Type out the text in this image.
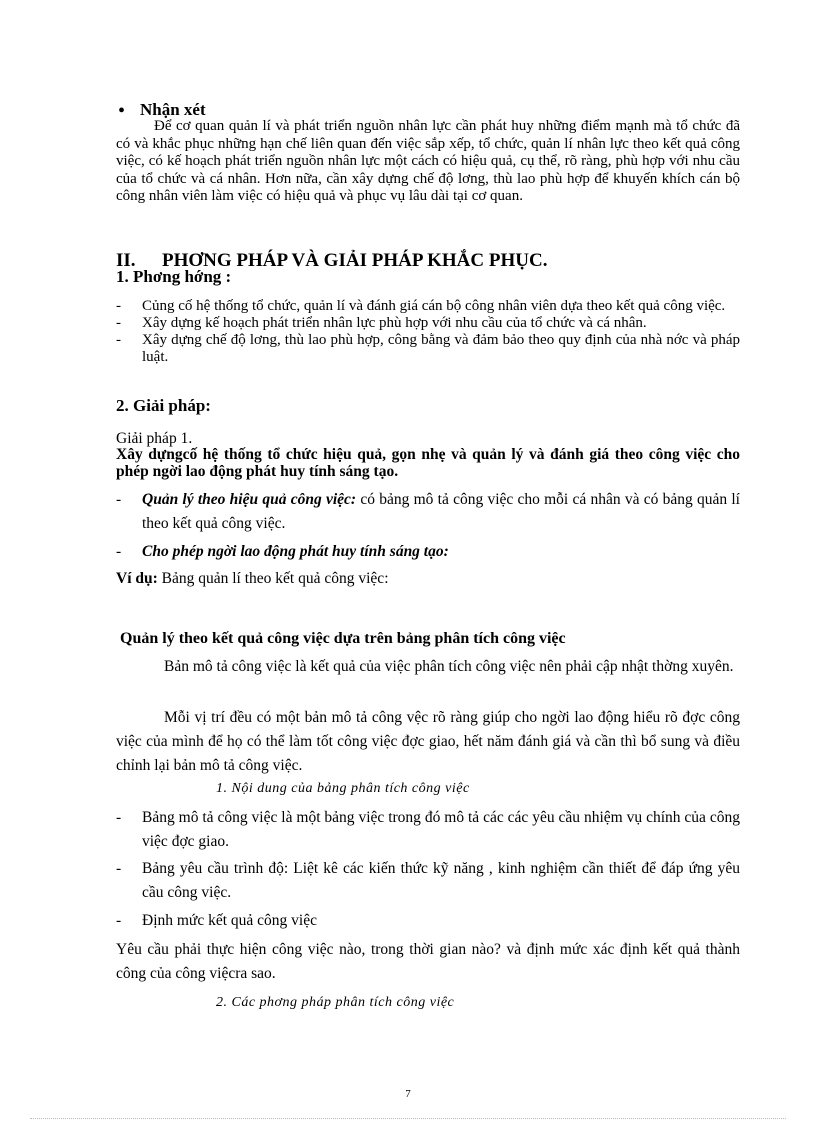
• Nhận xét
Để cơ quan quản lí và phát triển nguồn nhân lực cần phát huy những điểm mạnh mà tổ chức đã có và khắc phục những hạn chế liên quan đến việc sắp xếp, tổ chức, quản lí nhân lực theo kết quả công việc, có kế hoạch phát triển nguồn nhân lực một cách có hiệu quả, cụ thể, rõ ràng, phù hợp với nhu cầu của tổ chức và cá nhân. Hơn nữa, cần xây dựng chế độ lơng, thù lao phù hợp để khuyến khích cán bộ công nhân viên làm việc có hiệu quả và phục vụ lâu dài tại cơ quan.
II. PHƠNG PHÁP VÀ GIẢI PHÁP KHẮC PHỤC.
1. Phơng hớng :
- Củng cố hệ thống tổ chức, quản lí và đánh giá cán bộ công nhân viên dựa theo kết quả công việc.
- Xây dựng kế hoạch phát triển nhân lực phù hợp với nhu cầu của tổ chức và cá nhân.
- Xây dựng chế độ lơng, thù lao phù hợp, công bằng và đảm bảo theo quy định của nhà nớc và pháp luật.
2. Giải pháp:
Giải pháp 1.
Xây dựngcố hệ thống tổ chức hiệu quả, gọn nhẹ và quản lý và đánh giá theo công việc cho phép ngời lao động phát huy tính sáng tạo.
-	Quản lý theo hiệu quả công việc: có bảng mô tả công việc cho mỗi cá nhân và có bảng quản lí theo kết quả công việc.
-	Cho phép ngời lao động phát huy tính sáng tạo:
Ví dụ: Bảng quản lí theo kết quả công việc:
Quản lý theo kết quả công việc dựa trên bảng phân tích công việc
Bản mô tả công việc là kết quả của việc phân tích công việc nên phải cập nhật thờng xuyên.
Mỗi vị trí đều có một bản mô tả công vệc rõ ràng giúp cho ngời lao động hiểu rõ đợc công việc của mình để họ có thể làm tốt công việc đợc giao, hết năm đánh giá và cần thì bổ sung và điều chỉnh lại bản mô tả công việc.
1. Nội dung của bảng phân tích công việc
-	Bảng mô tả công việc là một bảng việc trong đó mô tả các các yêu cầu nhiệm vụ chính của công việc đợc giao.
-	Bảng yêu cầu trình độ: Liệt kê các kiến thức kỹ năng , kinh nghiệm cần thiết để đáp ứng yêu cầu công việc.
-	Định mức kết quả công việc
Yêu cầu phải thực hiện công việc nào, trong thời gian nào? và định mức xác định kết quả thành công của công việcra sao.
2. Các phơng pháp phân tích công việc
7
